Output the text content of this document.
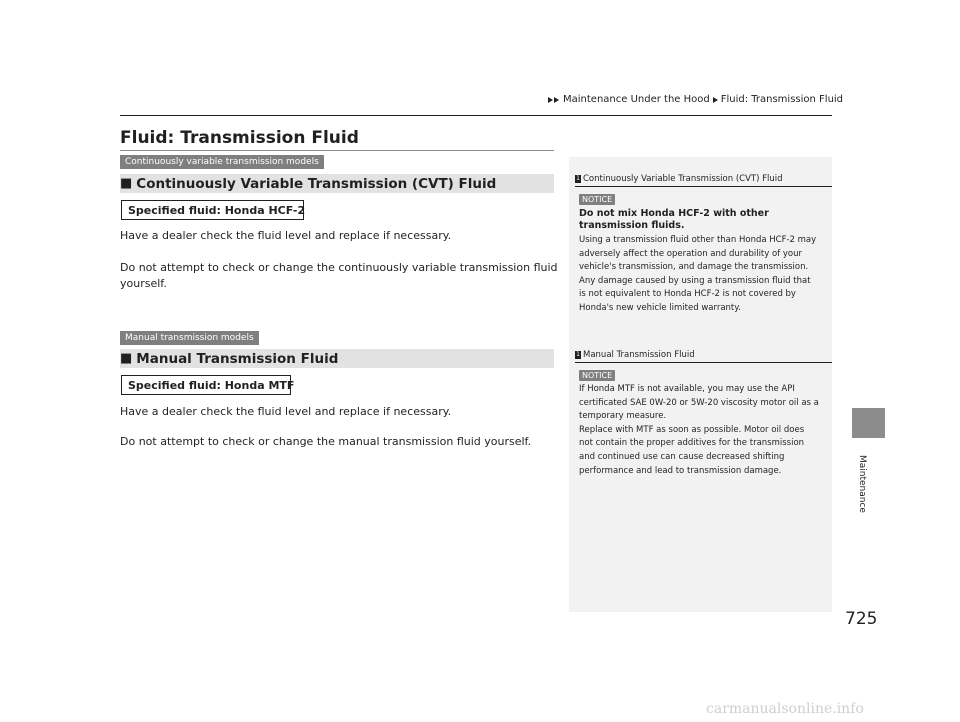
Maintenance Under the Hood Fluid: Transmission Fluid
Maintenance
725
Fluid: Transmission Fluid
Continuously variable transmission models
■ Continuously Variable Transmission (CVT) Fluid
Specified fluid: Honda HCF-2
Have a dealer check the fluid level and replace if necessary.
Do not attempt to check or change the continuously variable transmission fluid
yourself.
Manual transmission models
■ Manual Transmission Fluid
Specified fluid: Honda MTF
Have a dealer check the fluid level and replace if necessary.
Do not attempt to check or change the manual transmission fluid yourself.
1 Continuously Variable Transmission (CVT) Fluid
NOTICE
Do not mix Honda HCF-2 with other
transmission fluids.
Using a transmission fluid other than Honda HCF-2 may
adversely affect the operation and durability of your
vehicle's transmission, and damage the transmission.
Any damage caused by using a transmission fluid that
is not equivalent to Honda HCF-2 is not covered by
Honda's new vehicle limited warranty.
1 Manual Transmission Fluid
NOTICE
If Honda MTF is not available, you may use the API
certificated SAE 0W-20 or 5W-20 viscosity motor oil as a
temporary measure.
Replace with MTF as soon as possible. Motor oil does
not contain the proper additives for the transmission
and continued use can cause decreased shifting
performance and lead to transmission damage.
carmanualsonline.info
